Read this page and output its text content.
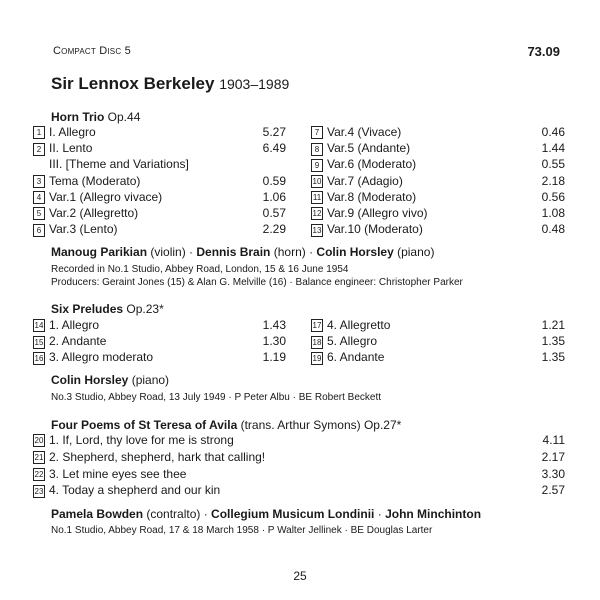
Compact Disc 5	73.09
Sir Lennox Berkeley 1903–1989
Horn Trio Op.44
1 I. Allegro	5.27
2 II. Lento	6.49
III. [Theme and Variations]
3 Tema (Moderato)	0.59
4 Var.1 (Allegro vivace)	1.06
5 Var.2 (Allegretto)	0.57
6 Var.3 (Lento)	2.29
7 Var.4 (Vivace)	0.46
8 Var.5 (Andante)	1.44
9 Var.6 (Moderato)	0.55
10 Var.7 (Adagio)	2.18
11 Var.8 (Moderato)	0.56
12 Var.9 (Allegro vivo)	1.08
13 Var.10 (Moderato)	0.48
Manoug Parikian (violin) · Dennis Brain (horn) · Colin Horsley (piano)
Recorded in No.1 Studio, Abbey Road, London, 15 & 16 June 1954
Producers: Geraint Jones (15) & Alan G. Melville (16) · Balance engineer: Christopher Parker
Six Preludes Op.23*
14 1. Allegro	1.43
15 2. Andante	1.30
16 3. Allegro moderato	1.19
17 4. Allegretto	1.21
18 5. Allegro	1.35
19 6. Andante	1.35
Colin Horsley (piano)
No.3 Studio, Abbey Road, 13 July 1949 · P Peter Albu · BE Robert Beckett
Four Poems of St Teresa of Avila (trans. Arthur Symons) Op.27*
20 1. If, Lord, thy love for me is strong	4.11
21 2. Shepherd, shepherd, hark that calling!	2.17
22 3. Let mine eyes see thee	3.30
23 4. Today a shepherd and our kin	2.57
Pamela Bowden (contralto) · Collegium Musicum Londinii · John Minchinton
No.1 Studio, Abbey Road, 17 & 18 March 1958 · P Walter Jellinek · BE Douglas Larter
25
